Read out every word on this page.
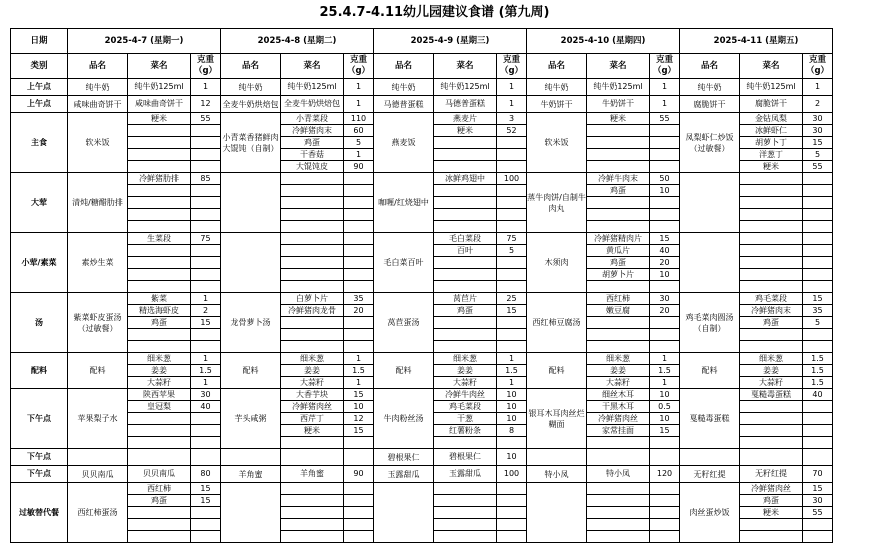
25.4.7-4.11幼儿园建议食谱 (第九周)
日期	2025-4-7 (星期一)			2025-4-8 (星期二)			2025-4-9 (星期三)			2025-4-10 (星期四)			2025-4-11 (星期五)		
类别	品名	菜名	克重（g）	品名	菜名	克重（g）	品名	菜名	克重（g）	品名	菜名	克重（g）	品名	菜名	克重（g）
上午点	纯牛奶	纯牛奶125ml	1	纯牛奶	纯牛奶125ml	1	纯牛奶	纯牛奶125ml	1	纯牛奶	纯牛奶125ml	1	纯牛奶	纯牛奶125ml	1
上午点	咸味曲奇饼干	咸味曲奇饼干	12	全麦牛奶烘焙包	全麦牛奶烘焙包	1	马德普蛋糕	马德普蛋糕	1	牛奶饼干	牛奶饼干	1	腐脆饼干	腐脆饼干	2
主食	软米饭	粳米	55	小青菜香猪鲜肉大馄饨（自制）	小青菜段	110	燕麦饭	燕麦片	3	软米饭	粳米	55	凤梨虾仁炒饭（过敏餐）	金钻凤梨	30
					冷鲜猪肉末	60		粳米	52					冰鲜虾仁	30
					鸡蛋	5								胡萝卜丁	15
					干香菇	1								洋葱丁	5
					大馄饨皮	90								粳米	55
大荤	清炖/糖醋肋排	冷鲜猪肋排	85				咖喱/红烧翅中	冰鲜鸡翅中	100	蒸牛肉饼/自制牛肉丸	冷鲜牛肉末	50			
											鸡蛋	10			

小荤/素菜	素炒生菜	生菜段	75				毛白菜百叶	毛白菜段	75	木须肉	冷鲜猪精肉片	15			
								百叶	5		黄瓜片	40			
											鸡蛋	20			
											胡萝卜片	10			

汤	紫菜虾皮蛋汤（过敏餐）	紫菜	1	龙骨萝卜汤	白萝卜片	35	莴苣蛋汤	莴苣片	25	西红柿豆腐汤	西红柿	30	鸡毛菜肉圆汤（自制）	鸡毛菜段	15
		精选海虾皮	2		冷鲜猪肉龙骨	20		鸡蛋	15		嫩豆腐	20		冷鲜猪肉末	35
		鸡蛋	15											鸡蛋	5

配料	配料	细米葱	1	配料	细米葱	1	配料	细米葱	1	配料	细米葱	1	配料	细米葱	1.5
		姜姜	1.5		姜姜	1.5		姜姜	1.5		姜姜	1.5		姜姜	1.5
		大蒜籽	1		大蒜籽	1		大蒜籽	1		大蒜籽	1		大蒜籽	1.5
下午点	苹果梨子水	陕西苹果	30	芋头咸粥	大香芋块	15	牛肉粉丝汤	冷鲜牛肉丝	10	银耳木耳肉丝烂糊面	细丝木耳	10	戛糙毒蛋糕	戛糙毒蛋糕	40
		皇冠梨	40		冷鲜猪肉丝	10		鸡毛菜段	10		干黑木耳	0.5			
					西芹丁	12		干葱	10		冷鲜猪肉丝	10			
					粳米	15		红薯粉条	8		家常挂面	15			

下午点							碧根果仁	碧根果仁	10						
下午点	贝贝南瓜	贝贝南瓜	80	羊角蜜	羊角蜜	90	玉露甜瓜	玉露甜瓜	100	特小凤	特小凤	120	无籽红提	无籽红提	70
过敏替代餐	西红柿蛋汤	西红柿	15										肉丝蛋炒饭	冷鲜猪肉丝	15
		鸡蛋	15											鸡蛋	30
														粳米	55
